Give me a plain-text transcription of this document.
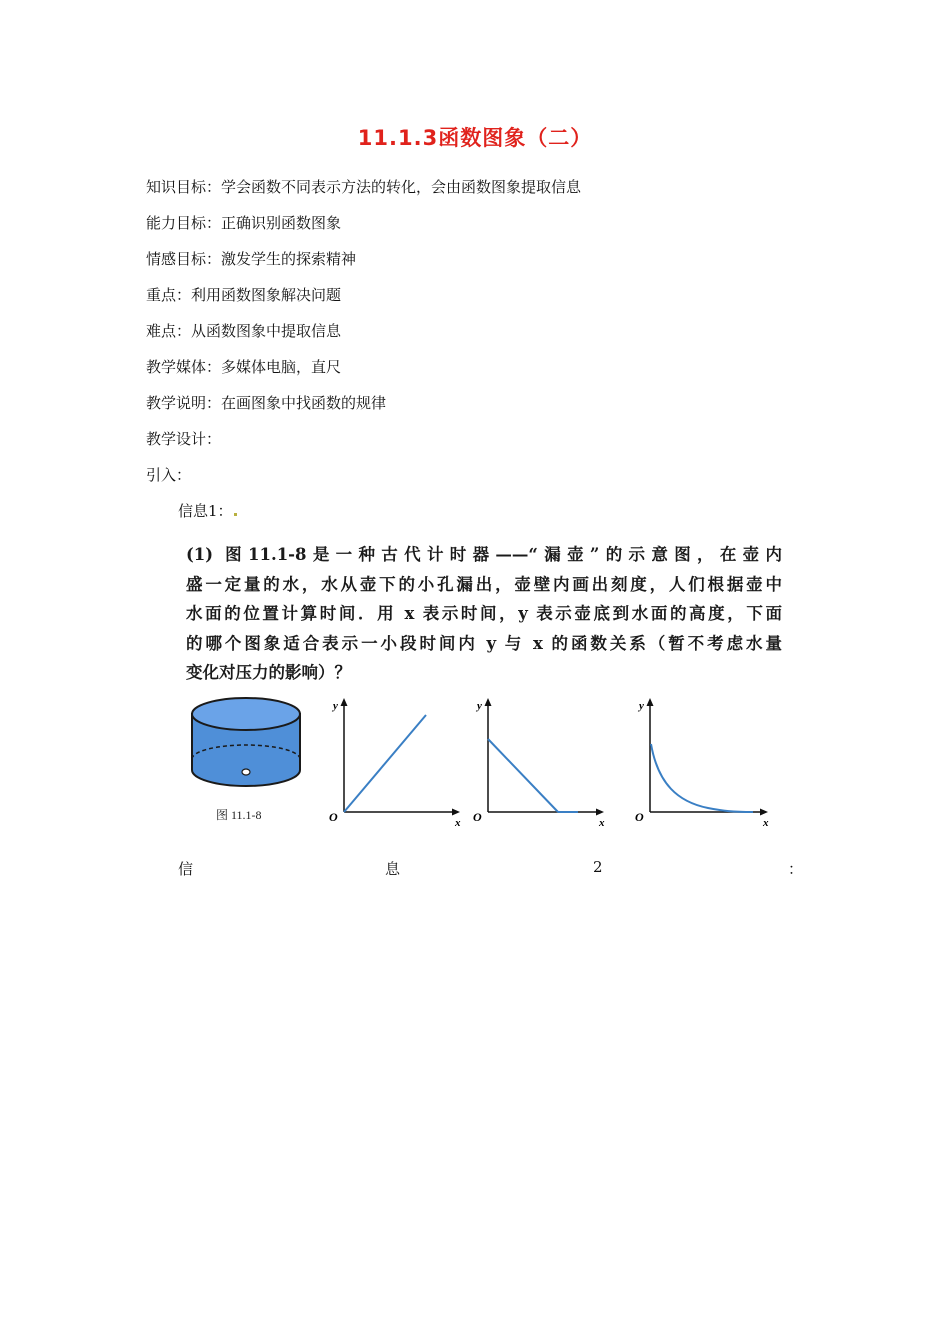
11.1.3函数图象（二）
知识目标：学会函数不同表示方法的转化，会由函数图象提取信息
能力目标：正确识别函数图象
情感目标：激发学生的探索精神
重点：利用函数图象解决问题
难点：从函数图象中提取信息
教学媒体：多媒体电脑，直尺
教学说明：在画图象中找函数的规律
教学设计：
引入：
信息1：
(1) 图11.1-8是一种古代计时器——“漏壶”的示意图，在壶内
盛一定量的水，水从壶下的小孔漏出，壶壁内画出刻度，人们根据壶中
水面的位置计算时间．用 x 表示时间，y 表示壶底到水面的高度，下面
的哪个图象适合表示一小段时间内 y 与 x 的函数关系（暂不考虑水量
变化对压力的影响）？
图 11.1-8
y
x
O
y
x
O
y
x
O
信	息	2	：
